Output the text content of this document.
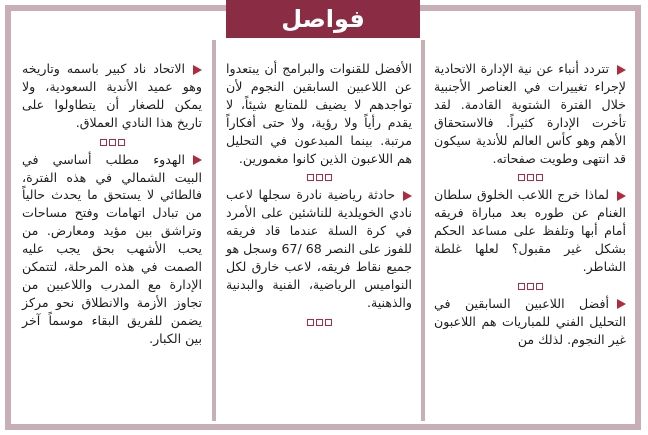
فواصل

تتردد أنباء عن نية الإدارة الاتحادية لإجراء تغييرات في العناصر الأجنبية خلال الفترة الشتوية القادمة. لقد تأخرت الإدارة كثيراً. فالاستحقاق الأهم وهو كأس العالم للأندية سيكون قد انتهى وطويت صفحاته.

لماذا خرج اللاعب الخلوق سلطان الغنام عن طوره بعد مباراة فريقه أمام أبها وتلفظ على مساعد الحكم بشكل غير مقبول؟ لعلها غلطة الشاطر.

أفضل اللاعبين السابقين في التحليل الفني للمباريات هم اللاعبون غير النجوم. لذلك من

الأفضل للقنوات والبرامج أن يبتعدوا عن اللاعبين السابقين النجوم لأن تواجدهم لا يضيف للمتابع شيئاً، لا يقدم رأياً ولا رؤية، ولا حتى أفكاراً مرتبة. بينما المبدعون في التحليل هم اللاعبون الذين كانوا مغمورين.

حادثة رياضية نادرة سجلها لاعب نادي الخويلدية للناشئين على الأمرد في كرة السلة عندما قاد فريقه للفوز على النصر 68 /67 وسجل هو جميع نقاط فريقه، لاعب خارق لكل النواميس الرياضية، الفنية والبدنية والذهنية.

الاتحاد ناد كبير باسمه وتاريخه وهو عميد الأندية السعودية، ولا يمكن للصغار أن يتطاولوا على تاريخ هذا النادي العملاق.

الهدوء مطلب أساسي في البيت الشمالي في هذه الفترة، فالطائي لا يستحق ما يحدث حالياً من تبادل اتهامات وفتح مساحات وتراشق بين مؤيد ومعارض. من يحب الأشهب بحق يجب عليه الصمت في هذه المرحلة، لتتمكن الإدارة مع المدرب واللاعبين من تجاوز الأزمة والانطلاق نحو مركز يضمن للفريق البقاء موسماً آخر بين الكبار.
